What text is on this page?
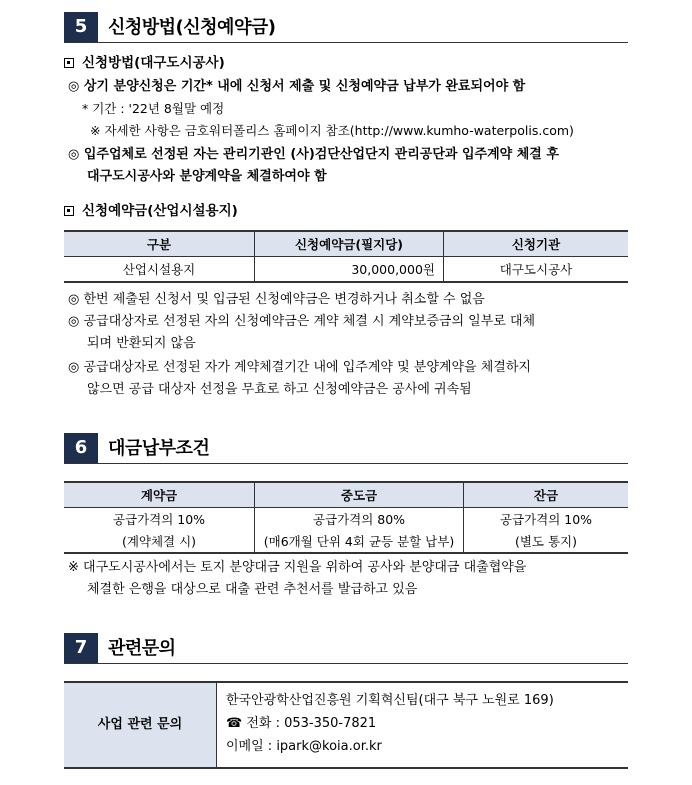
5	신청방법(신청예약금)
신청방법(대구도시공사)
◎ 상기 분양신청은 기간* 내에 신청서 제출 및 신청예약금 납부가 완료되어야 함
* 기간 : '22년 8월말 예정
※ 자세한 사항은 금호워터폴리스 홈페이지 참조(http://www.kumho-waterpolis.com)
◎ 입주업체로 선정된 자는 관리기관인 (사)검단산업단지 관리공단과 입주계약 체결 후
대구도시공사와 분양계약을 체결하여야 함
신청예약금(산업시설용지)
구분	신청예약금(필지당)	신청기관
산업시설용지	30,000,000원	대구도시공사
◎ 한번 제출된 신청서 및 입금된 신청예약금은 변경하거나 취소할 수 없음
◎ 공급대상자로 선정된 자의 신청예약금은 계약 체결 시 계약보증금의 일부로 대체
되며 반환되지 않음
◎ 공급대상자로 선정된 자가 계약체결기간 내에 입주계약 및 분양계약을 체결하지
않으면 공급 대상자 선정을 무효로 하고 신청예약금은 공사에 귀속됨
6	대금납부조건
계약금	중도금	잔금
공급가격의 10%	공급가격의 80%	공급가격의 10%
(계약체결 시)	(매6개월 단위 4회 균등 분할 납부)	(별도 통지)
※ 대구도시공사에서는 토지 분양대금 지원을 위하여 공사와 분양대금 대출협약을
체결한 은행을 대상으로 대출 관련 추천서를 발급하고 있음
7	관련문의
사업 관련 문의
한국안광학산업진흥원 기획혁신팀(대구 북구 노원로 169)
☎ 전화 : 053-350-7821
이메일 : ipark@koia.or.kr
